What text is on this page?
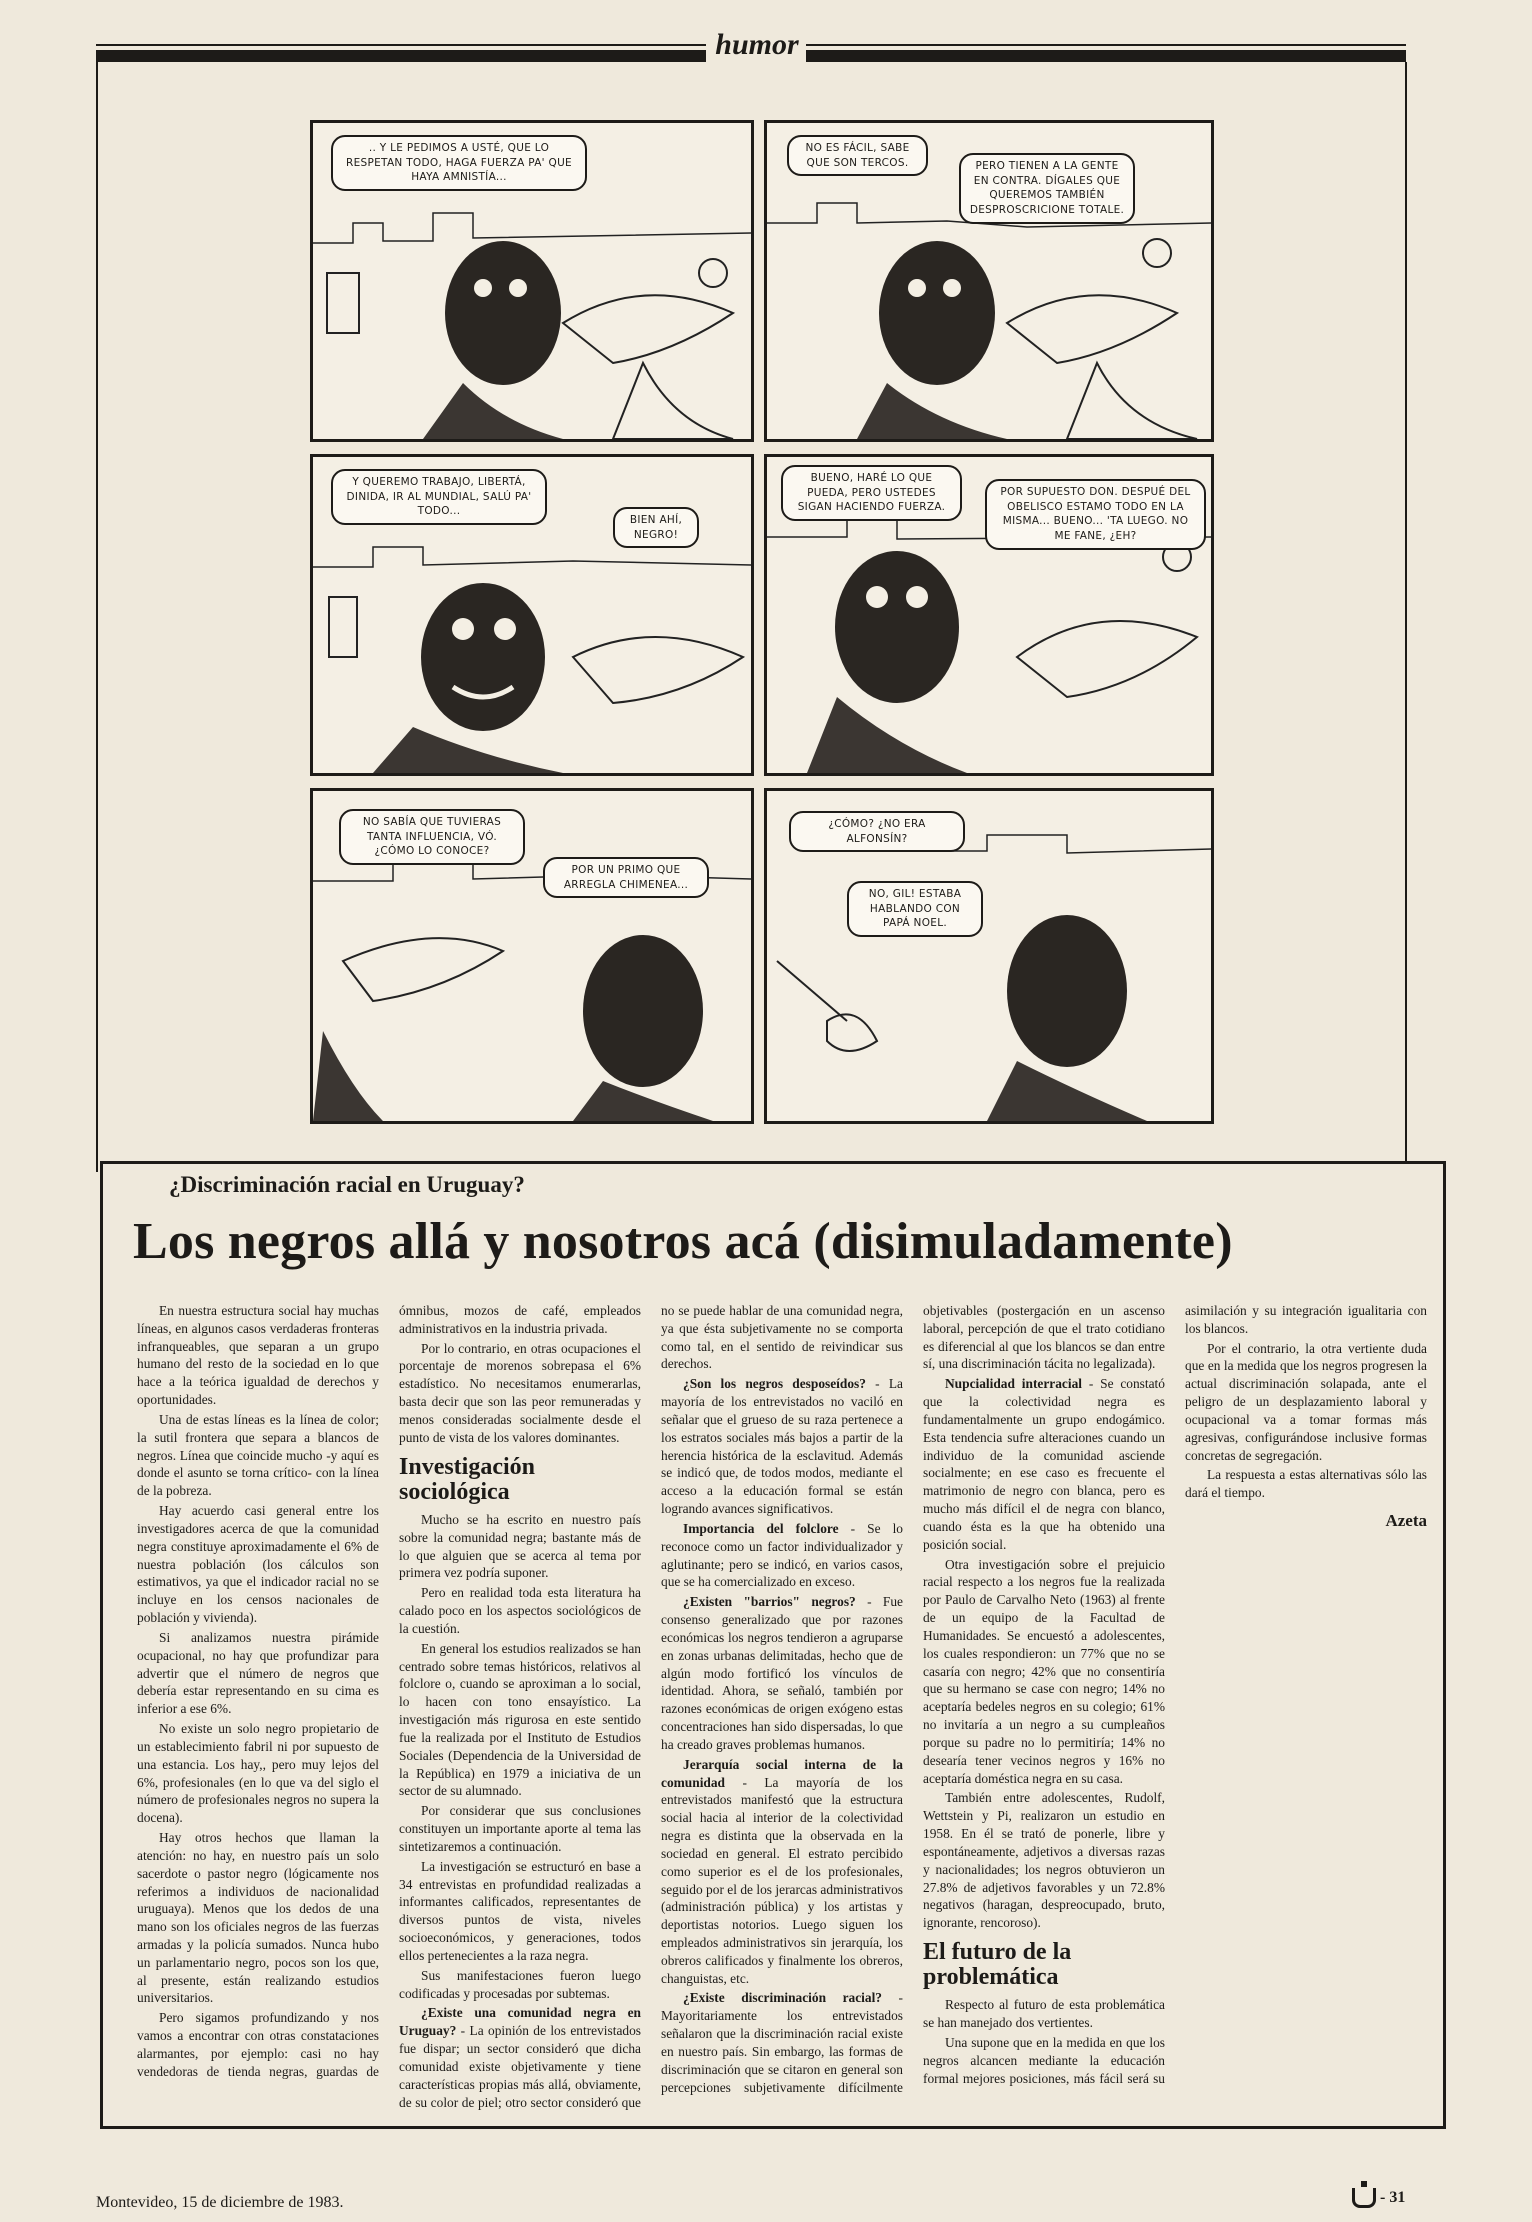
humor
.. Y LE PEDIMOS A USTÉ, QUE LO RESPETAN TODO, HAGA FUERZA PA' QUE HAYA AMNISTÍA...
NO ES FÁCIL, SABE QUE SON TERCOS.	PERO TIENEN A LA GENTE EN CONTRA. DÍGALES QUE QUEREMOS TAMBIÉN DESPROSCRICIONE TOTALE.
Y QUEREMO TRABAJO, LIBERTÁ, DINIDA, IR AL MUNDIAL, SALÚ PA' TODO...
BIEN AHÍ, NEGRO!
BUENO, HARÉ LO QUE PUEDA, PERO USTEDES SIGAN HACIENDO FUERZA.
POR SUPUESTO DON. DESPUÉ DEL OBELISCO ESTAMO TODO EN LA MISMA... BUENO... 'TA LUEGO. NO ME FANE, ¿EH?
NO SABÍA QUE TUVIERAS TANTA INFLUENCIA, VÓ. ¿CÓMO LO CONOCE?
POR UN PRIMO QUE ARREGLA CHIMENEA...
¿CÓMO? ¿NO ERA ALFONSÍN?
NO, GIL! ESTABA HABLANDO CON PAPÁ NOEL.
¿Discriminación racial en Uruguay?
Los negros allá y nosotros acá (disimuladamente)

En nuestra estructura social hay muchas líneas, en algunos casos verdaderas fronteras infranqueables, que separan a un grupo humano del resto de la sociedad en lo que hace a la teórica igualdad de derechos y oportunidades.

Una de estas líneas es la línea de color; la sutil frontera que separa a blancos de negros. Línea que coincide mucho -y aquí es donde el asunto se torna crítico- con la línea de la pobreza.

Hay acuerdo casi general entre los investigadores acerca de que la comunidad negra constituye aproximadamente el 6% de nuestra población (los cálculos son estimativos, ya que el indicador racial no se incluye en los censos nacionales de población y vivienda).

Si analizamos nuestra pirámide ocupacional, no hay que profundizar para advertir que el número de negros que debería estar representando en su cima es inferior a ese 6%.

No existe un solo negro propietario de un establecimiento fabril ni por supuesto de una estancia. Los hay,, pero muy lejos del 6%, profesionales (en lo que va del siglo el número de profesionales negros no supera la docena).

Hay otros hechos que llaman la atención: no hay, en nuestro país un solo sacerdote o pastor negro (lógicamente nos referimos a individuos de nacionalidad uruguaya). Menos que los dedos de una mano son los oficiales negros de las fuerzas armadas y la policía sumados. Nunca hubo un parlamentario negro, pocos son los que, al presente, están realizando estudios universitarios.

Pero sigamos profundizando y nos vamos a encontrar con otras constataciones alarmantes, por ejemplo: casi no hay vendedoras de tienda negras, guardas de ómnibus, mozos de café, empleados administrativos en la industria privada.

Por lo contrario, en otras ocupaciones el porcentaje de morenos sobrepasa el 6% estadístico. No necesitamos enumerarlas, basta decir que son las peor remuneradas y menos consideradas socialmente desde el punto de vista de los valores dominantes.

Investigación sociológica

Mucho se ha escrito en nuestro país sobre la comunidad negra; bastante más de lo que alguien que se acerca al tema por primera vez podría suponer.

Pero en realidad toda esta literatura ha calado poco en los aspectos sociológicos de la cuestión.

En general los estudios realizados se han centrado sobre temas históricos, relativos al folclore o, cuando se aproximan a lo social, lo hacen con tono ensayístico. La investigación más rigurosa en este sentido fue la realizada por el Instituto de Estudios Sociales (Dependencia de la Universidad de la República) en 1979 a iniciativa de un sector de su alumnado.

Por considerar que sus conclusiones constituyen un importante aporte al tema las sintetizaremos a continuación.

La investigación se estructuró en base a 34 entrevistas en profundidad realizadas a informantes calificados, representantes de diversos puntos de vista, niveles socioeconómicos, y generaciones, todos ellos pertenecientes a la raza negra.

Sus manifestaciones fueron luego codificadas y procesadas por subtemas.

¿Existe una comunidad negra en Uruguay? - La opinión de los entrevistados fue dispar; un sector consideró que dicha comunidad existe objetivamente y tiene características propias más allá, obviamente, de su color de piel; otro sector consideró que no se puede hablar de una comunidad negra, ya que ésta subjetivamente no se comporta como tal, en el sentido de reivindicar sus derechos.

¿Son los negros desposeídos? - La mayoría de los entrevistados no vaciló en señalar que el grueso de su raza pertenece a los estratos sociales más bajos a partir de la herencia histórica de la esclavitud. Además se indicó que, de todos modos, mediante el acceso a la educación formal se están logrando avances significativos.

Importancia del folclore - Se lo reconoce como un factor individualizador y aglutinante; pero se indicó, en varios casos, que se ha comercializado en exceso.

¿Existen "barrios" negros? - Fue consenso generalizado que por razones económicas los negros tendieron a agruparse en zonas urbanas delimitadas, hecho que de algún modo fortificó los vínculos de identidad. Ahora, se señaló, también por razones económicas de origen exógeno estas concentraciones han sido dispersadas, lo que ha creado graves problemas humanos.

Jerarquía social interna de la comunidad - La mayoría de los entrevistados manifestó que la estructura social hacia al interior de la colectividad negra es distinta que la observada en la sociedad en general. El estrato percibido como superior es el de los profesionales, seguido por el de los jerarcas administrativos (administración pública) y los artistas y deportistas notorios. Luego siguen los empleados administrativos sin jerarquía, los obreros calificados y finalmente los obreros, changuistas, etc.

¿Existe discriminación racial? - Mayoritariamente los entrevistados señalaron que la discriminación racial existe en nuestro país. Sin embargo, las formas de discriminación que se citaron en general son percepciones subjetivamente difícilmente objetivables (postergación en un ascenso laboral, percepción de que el trato cotidiano es diferencial al que los blancos se dan entre sí, una discriminación tácita no legalizada).

Nupcialidad interracial - Se constató que la colectividad negra es fundamentalmente un grupo endogámico. Esta tendencia sufre alteraciones cuando un individuo de la comunidad asciende socialmente; en ese caso es frecuente el matrimonio de negro con blanca, pero es mucho más difícil el de negra con blanco, cuando ésta es la que ha obtenido una posición social.

Otra investigación sobre el prejuicio racial respecto a los negros fue la realizada por Paulo de Carvalho Neto (1963) al frente de un equipo de la Facultad de Humanidades. Se encuestó a adolescentes, los cuales respondieron: un 77% que no se casaría con negro; 42% que no consentiría que su hermano se case con negro; 14% no aceptaría bedeles negros en su colegio; 61% no invitaría a un negro a su cumpleaños porque su padre no lo permitiría; 14% no desearía tener vecinos negros y 16% no aceptaría doméstica negra en su casa.

También entre adolescentes, Rudolf, Wettstein y Pi, realizaron un estudio en 1958. En él se trató de ponerle, libre y espontáneamente, adjetivos a diversas razas y nacionalidades; los negros obtuvieron un 27.8% de adjetivos favorables y un 72.8% negativos (haragan, despreocupado, bruto, ignorante, rencoroso).

El futuro de la problemática

Respecto al futuro de esta problemática se han manejado dos vertientes.

Una supone que en la medida en que los negros alcancen mediante la educación formal mejores posiciones, más fácil será su asimilación y su integración igualitaria con los blancos.

Por el contrario, la otra vertiente duda que en la medida que los negros progresen la actual discriminación solapada, ante el peligro de un desplazamiento laboral y ocupacional va a tomar formas más agresivas, configurándose inclusive formas concretas de segregación.

La respuesta a estas alternativas sólo las dará el tiempo.

Azeta
Montevideo, 15 de diciembre de 1983.	- 31
